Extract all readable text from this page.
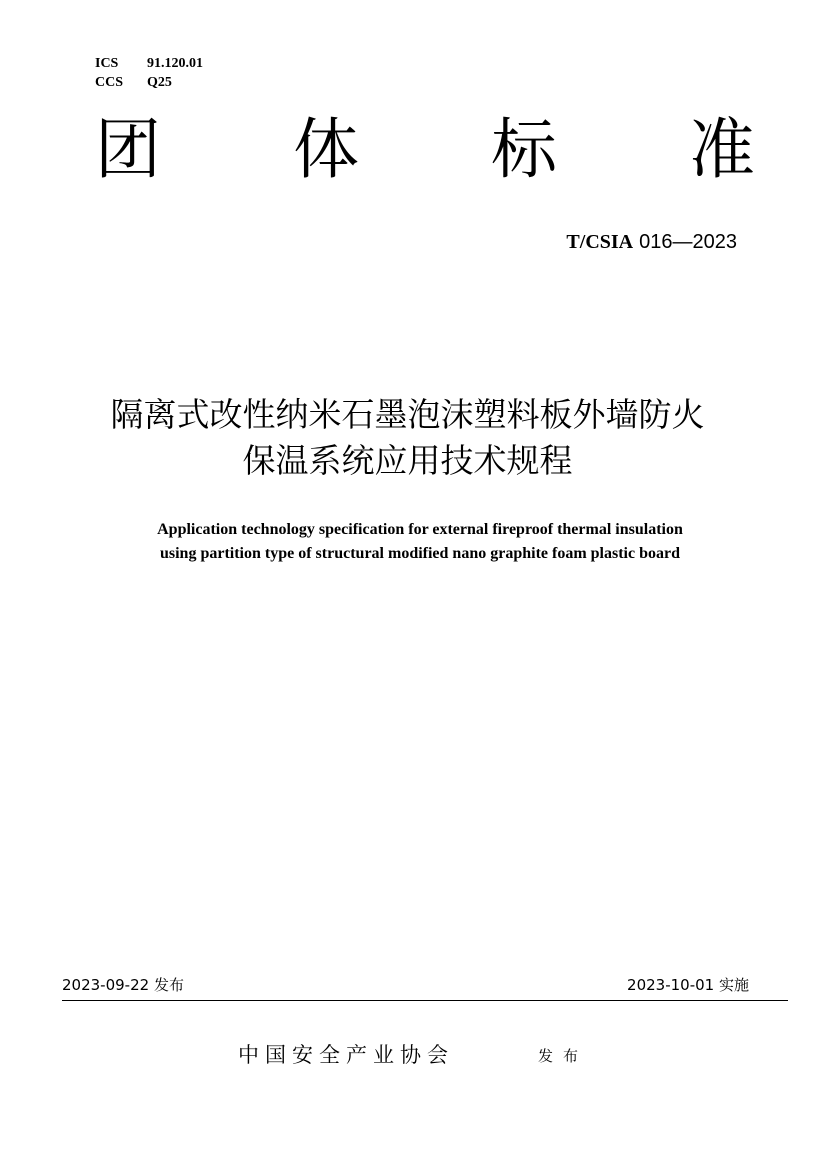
ICS	91.120.01
CCS	Q25
团 体 标 准
T/CSIA 016—2023
隔离式改性纳米石墨泡沫塑料板外墙防火
保温系统应用技术规程
Application technology specification for external fireproof thermal insulation
using partition type of structural modified nano graphite foam plastic board
2023-09-22 发布	2023-10-01 实施
中国安全产业协会	发布
